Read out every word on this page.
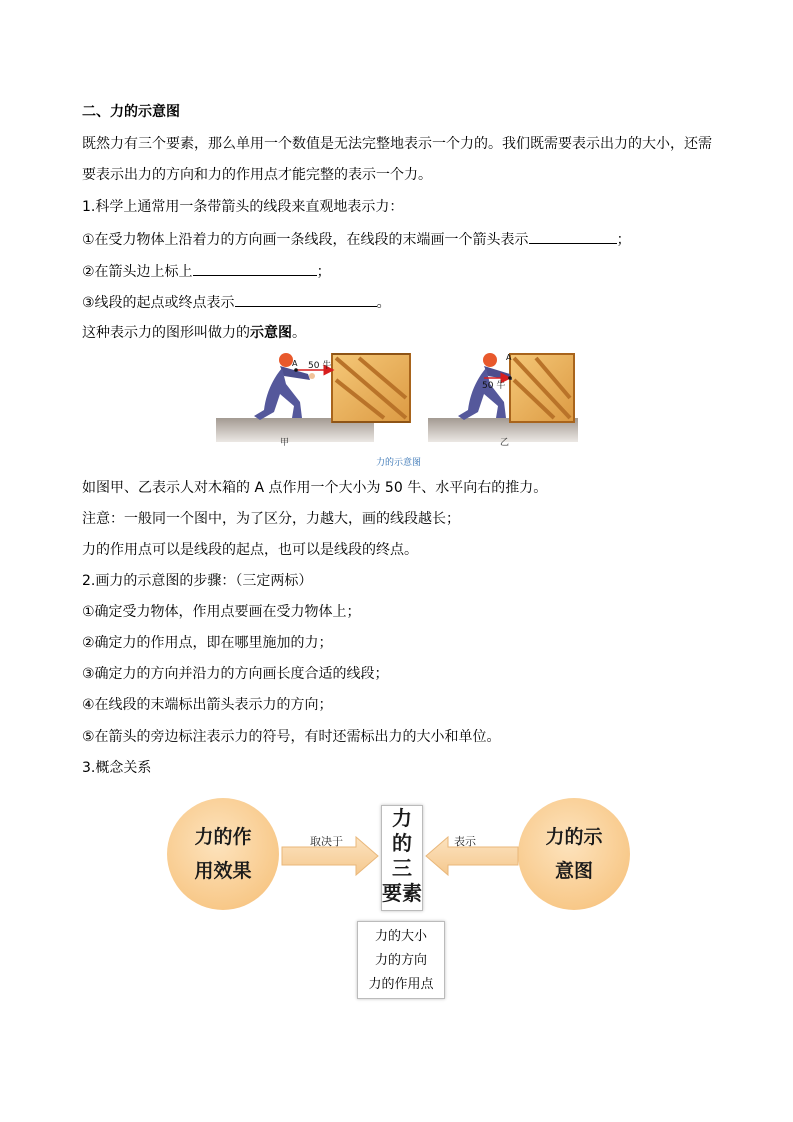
二、力的示意图
既然力有三个要素，那么单用一个数值是无法完整地表示一个力的。我们既需要表示出力的大小，还需
要表示出力的方向和力的作用点才能完整的表示一个力。
1.科学上通常用一条带箭头的线段来直观地表示力：
①在受力物体上沿着力的方向画一条线段，在线段的末端画一个箭头表示	；
②在箭头边上标上	；
③线段的起点或终点表示	。
这种表示力的图形叫做力的示意图。
A 50 牛
甲
A
50 牛
乙
力的示意图
如图甲、乙表示人对木箱的 A 点作用一个大小为 50 牛、水平向右的推力。
注意：一般同一个图中，为了区分，力越大，画的线段越长；
力的作用点可以是线段的起点，也可以是线段的终点。
2.画力的示意图的步骤：（三定两标）
①确定受力物体，作用点要画在受力物体上；
②确定力的作用点，即在哪里施加的力；
③确定力的方向并沿力的方向画长度合适的线段；
④在线段的末端标出箭头表示力的方向；
⑤在箭头的旁边标注表示力的符号，有时还需标出力的大小和单位。
3.概念关系
力的作
用效果
力的示
意图
取决于	表示
力
的
三
要素
力的大小
力的方向
力的作用点
